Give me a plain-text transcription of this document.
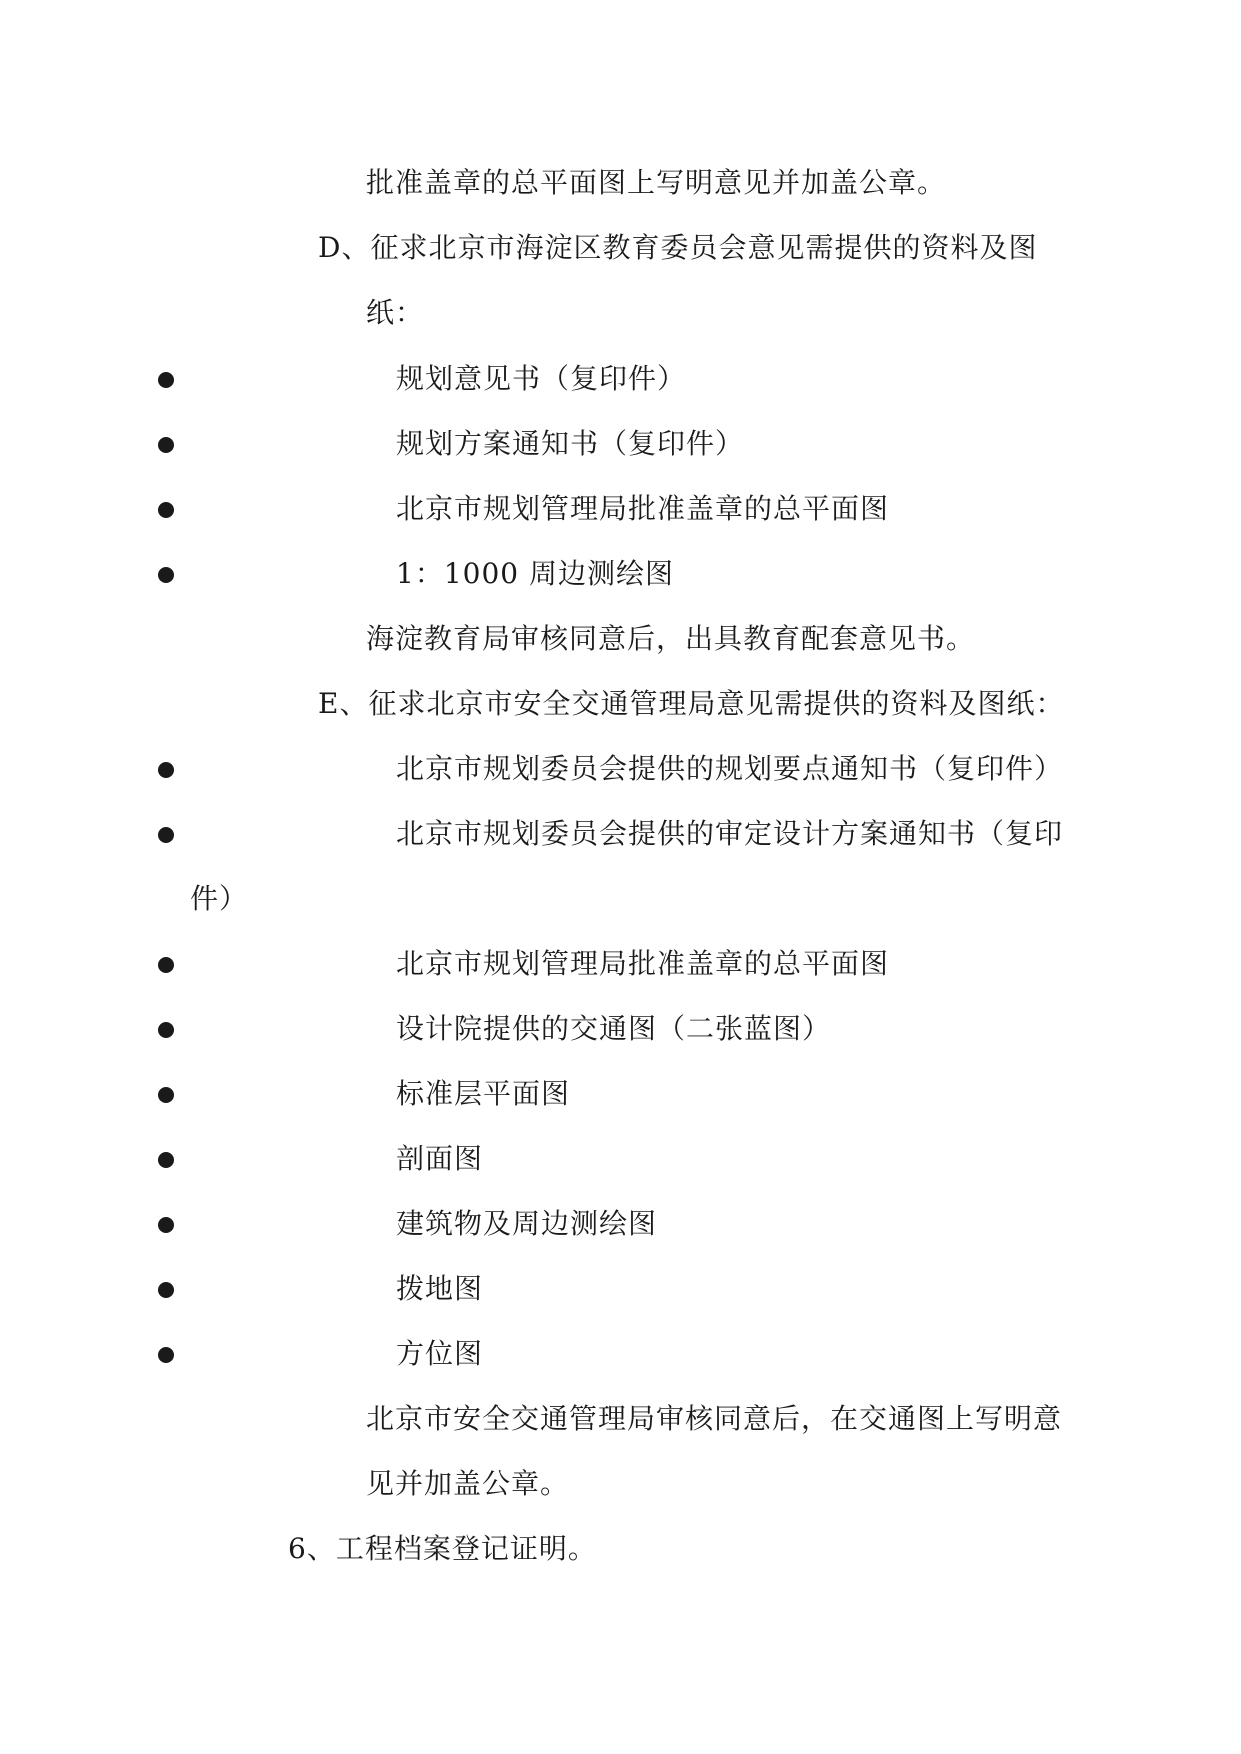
批准盖章的总平面图上写明意见并加盖公章。
D、征求北京市海淀区教育委员会意见需提供的资料及图
纸：
规划意见书（复印件）
规划方案通知书（复印件）
北京市规划管理局批准盖章的总平面图
1：1000 周边测绘图
海淀教育局审核同意后，出具教育配套意见书。
E、征求北京市安全交通管理局意见需提供的资料及图纸：
北京市规划委员会提供的规划要点通知书（复印件）
北京市规划委员会提供的审定设计方案通知书（复印
件）
北京市规划管理局批准盖章的总平面图
设计院提供的交通图（二张蓝图）
标准层平面图
剖面图
建筑物及周边测绘图
拨地图
方位图
北京市安全交通管理局审核同意后，在交通图上写明意
见并加盖公章。
6、工程档案登记证明。
